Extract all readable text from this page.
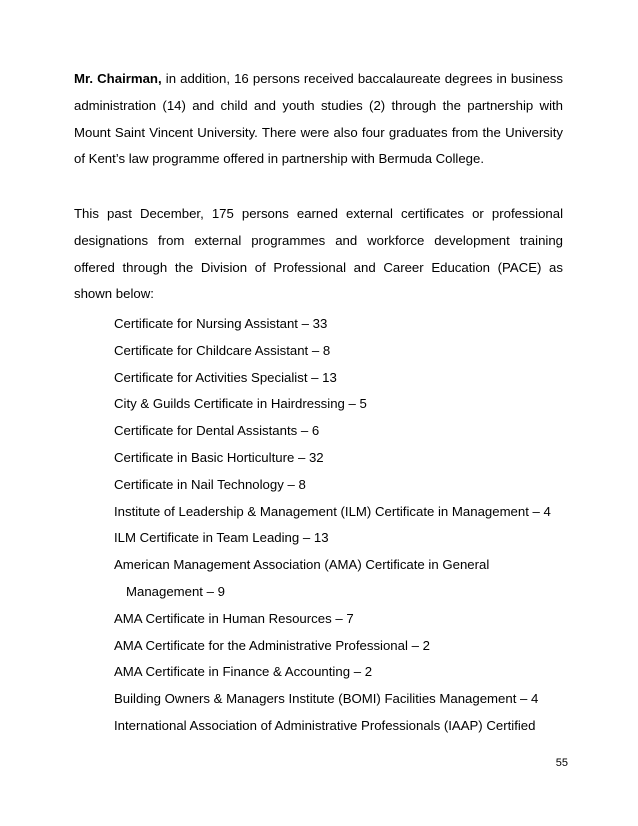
Mr. Chairman, in addition, 16 persons received baccalaureate degrees in business administration (14) and child and youth studies (2) through the partnership with Mount Saint Vincent University. There were also four graduates from the University of Kent’s law programme offered in partnership with Bermuda College.

This past December, 175 persons earned external certificates or professional designations from external programmes and workforce development training offered through the Division of Professional and Career Education (PACE) as shown below:

Certificate for Nursing Assistant – 33
Certificate for Childcare Assistant – 8
Certificate for Activities Specialist – 13
City & Guilds Certificate in Hairdressing – 5
Certificate for Dental Assistants – 6
Certificate in Basic Horticulture – 32
Certificate in Nail Technology – 8
Institute of Leadership & Management (ILM) Certificate in Management – 4
ILM Certificate in Team Leading – 13
American Management Association (AMA) Certificate in General
Management – 9
AMA Certificate in Human Resources – 7
AMA Certificate for the Administrative Professional – 2
AMA Certificate in Finance & Accounting – 2
Building Owners & Managers Institute (BOMI) Facilities Management – 4
International Association of Administrative Professionals (IAAP) Certified
55
